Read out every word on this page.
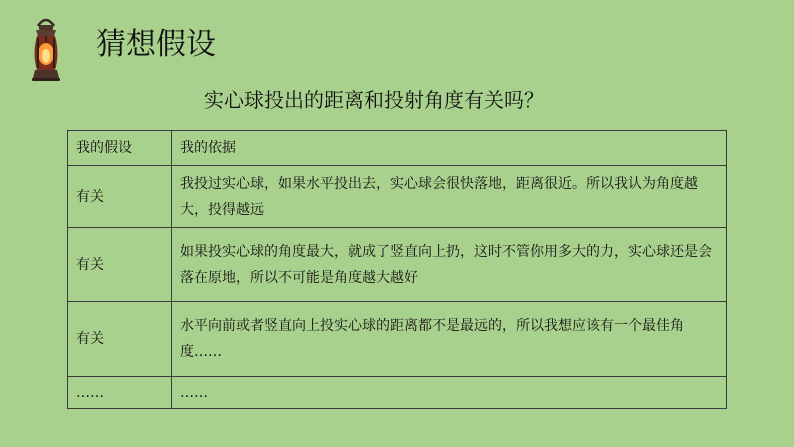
猜想假设
实心球投出的距离和投射角度有关吗？
我的假设	我的依据
有关	我投过实心球，如果水平投出去，实心球会很快落地，距离很近。所以我认为角度越大，投得越远
有关	如果投实心球的角度最大，就成了竖直向上扔，这时不管你用多大的力，实心球还是会落在原地，所以不可能是角度越大越好
有关	水平向前或者竖直向上投实心球的距离都不是最远的，所以我想应该有一个最佳角度……
……	……
